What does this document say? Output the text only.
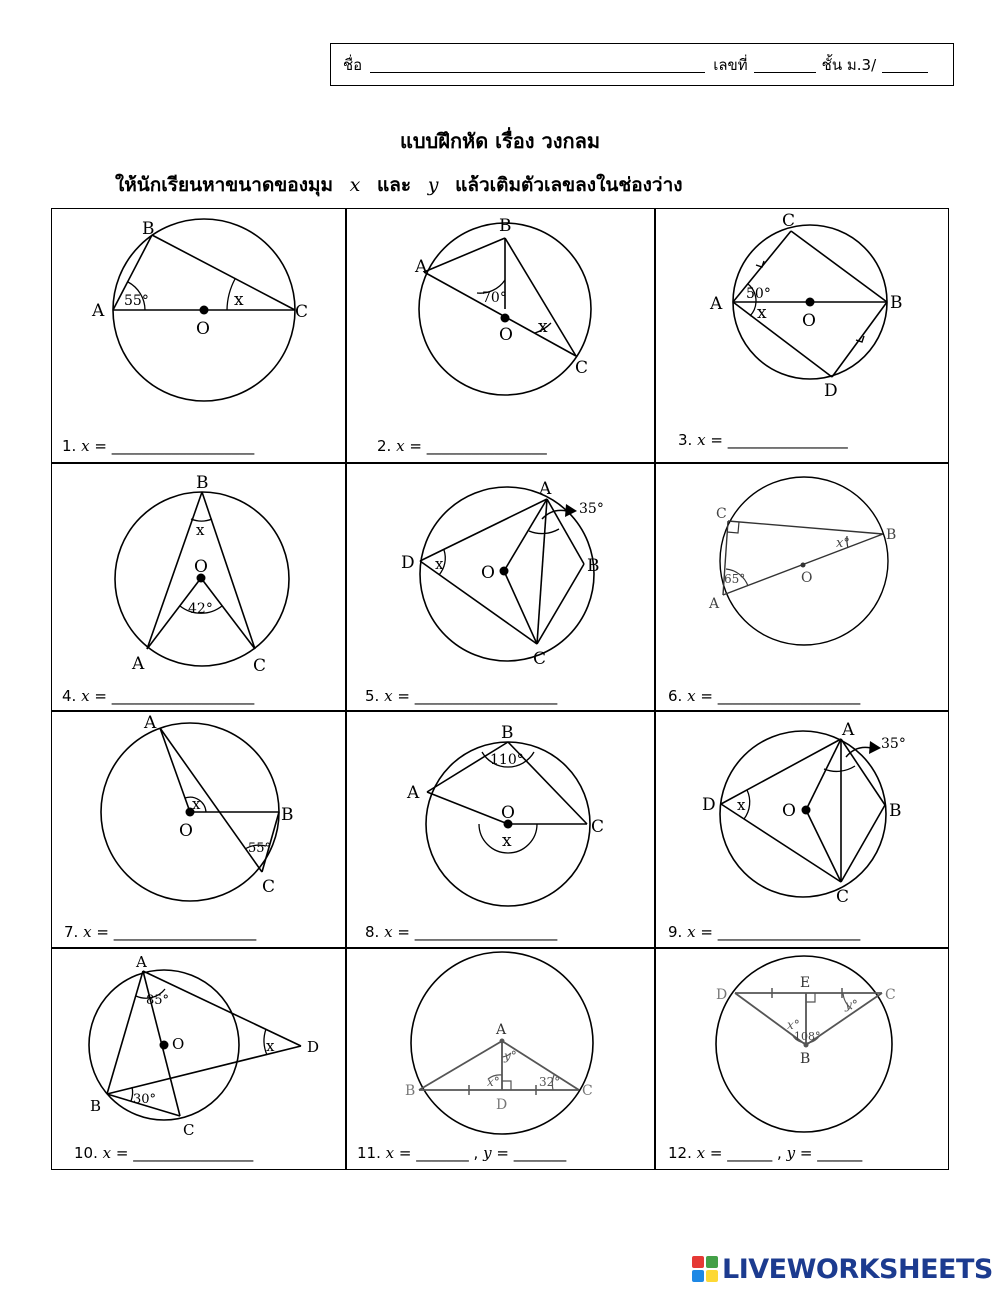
ชื่อ	เลขที่	ชั้น ม.3/
แบบฝึกหัด เรื่อง วงกลม
ให้นักเรียนหาขนาดของมุม x และ y แล้วเติมตัวเลขลงในช่องว่าง
B
A	C
O
55°	x
1. x = ___________________
B
A
C
O
70°
x
2. x = ________________
C
A	B
D
O
50°
x
3. x = ________________
B
A	C
O
42°
x
4. x = ___________________
A
D	B
C
O
35°
x
5. x = ___________________
C
A
B
O
65°
x°
6. x = ___________________
A
B
C
O
55°
x
7. x = ___________________
B
A
C
O
110°
x
8. x = ___________________
A
D	B
C
O
35°
x
9. x = ___________________
A
B
C
D
O
85°
30°
x
10. x = ________________
A
B	C
D
32°
x°
y°
11. x = _______ , y = _______
E
D	C
B
108°
x°
y°
12. x = ______ , y = ______
LIVEWORKSHEETS
